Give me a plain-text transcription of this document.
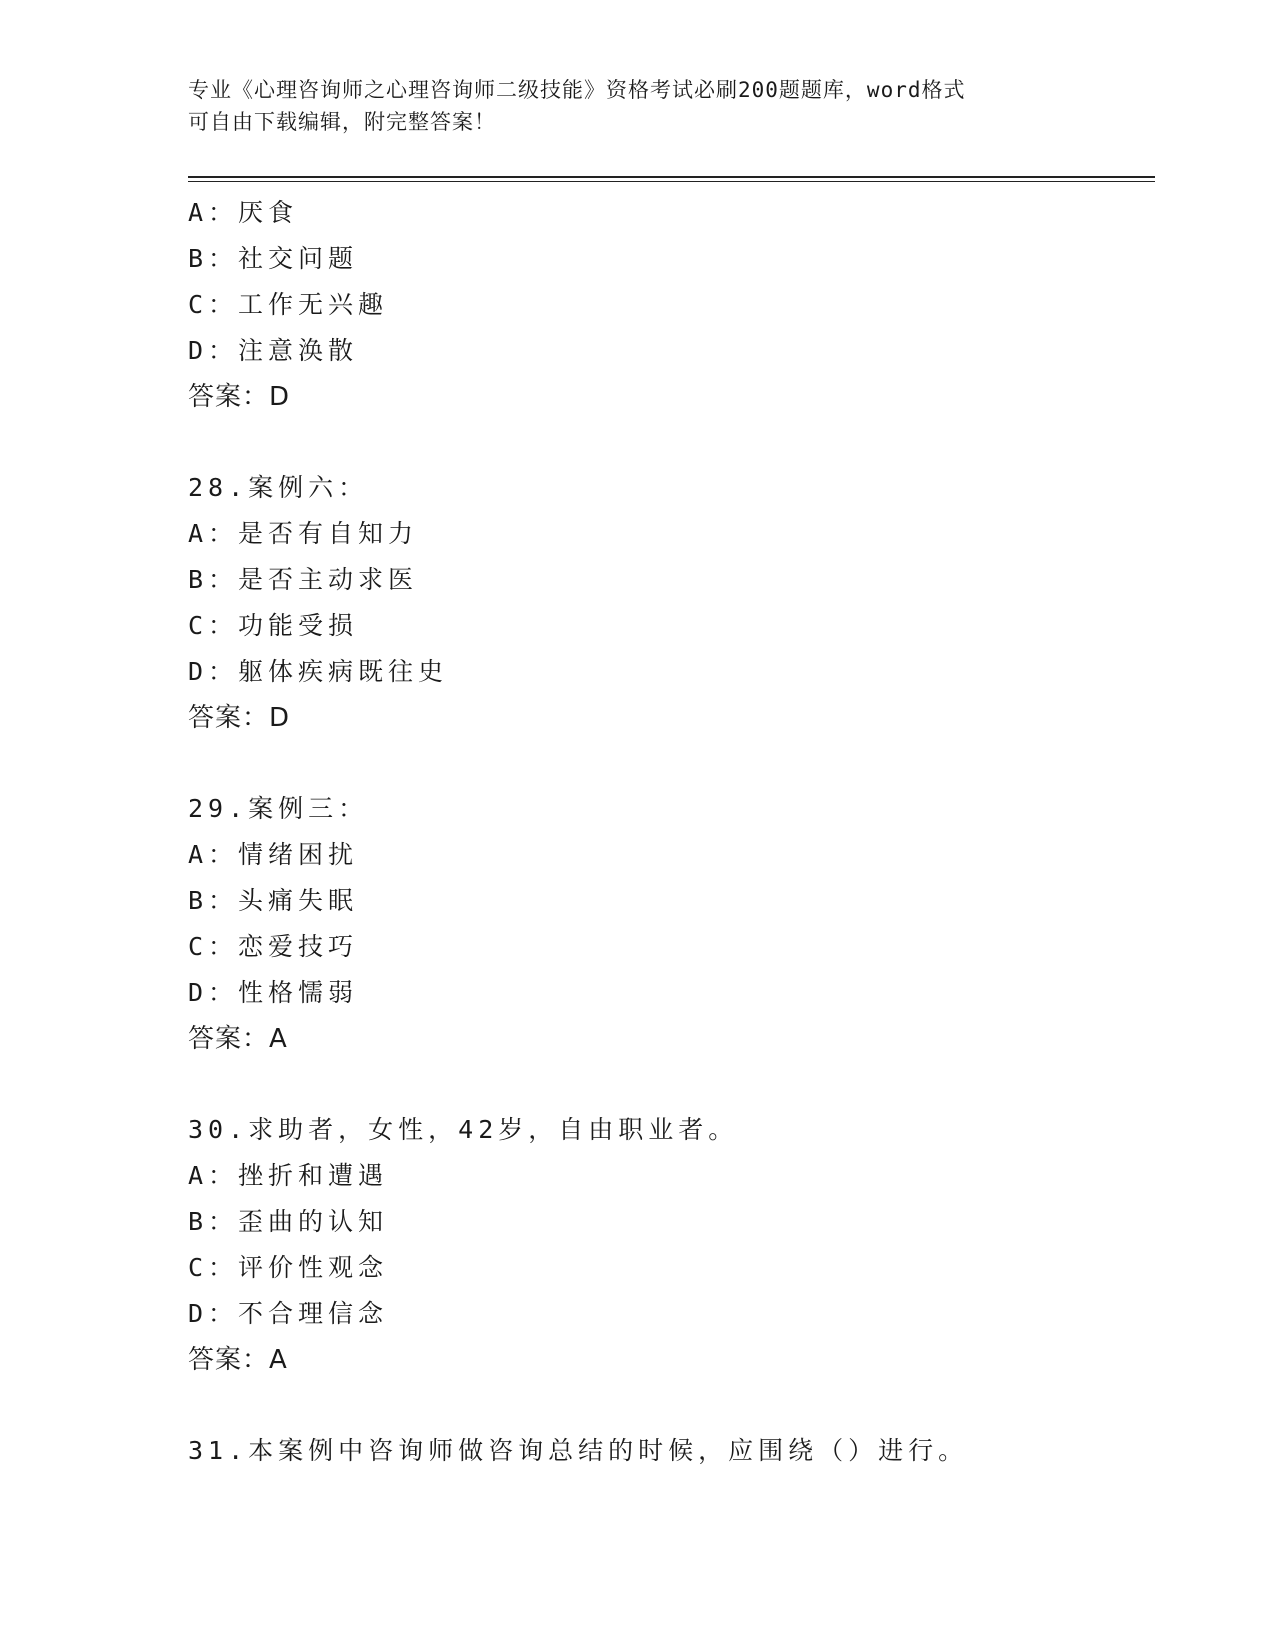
专业《心理咨询师之心理咨询师二级技能》资格考试必刷200题题库，word格式
可自由下载编辑，附完整答案！
A：厌食
B：社交问题
C：工作无兴趣
D：注意涣散
答案：D
28.案例六：
A：是否有自知力
B：是否主动求医
C：功能受损
D：躯体疾病既往史
答案：D
29.案例三：
A：情绪困扰
B：头痛失眠
C：恋爱技巧
D：性格懦弱
答案：A
30.求助者，女性，42岁，自由职业者。
A：挫折和遭遇
B：歪曲的认知
C：评价性观念
D：不合理信念
答案：A
31.本案例中咨询师做咨询总结的时候，应围绕（）进行。
